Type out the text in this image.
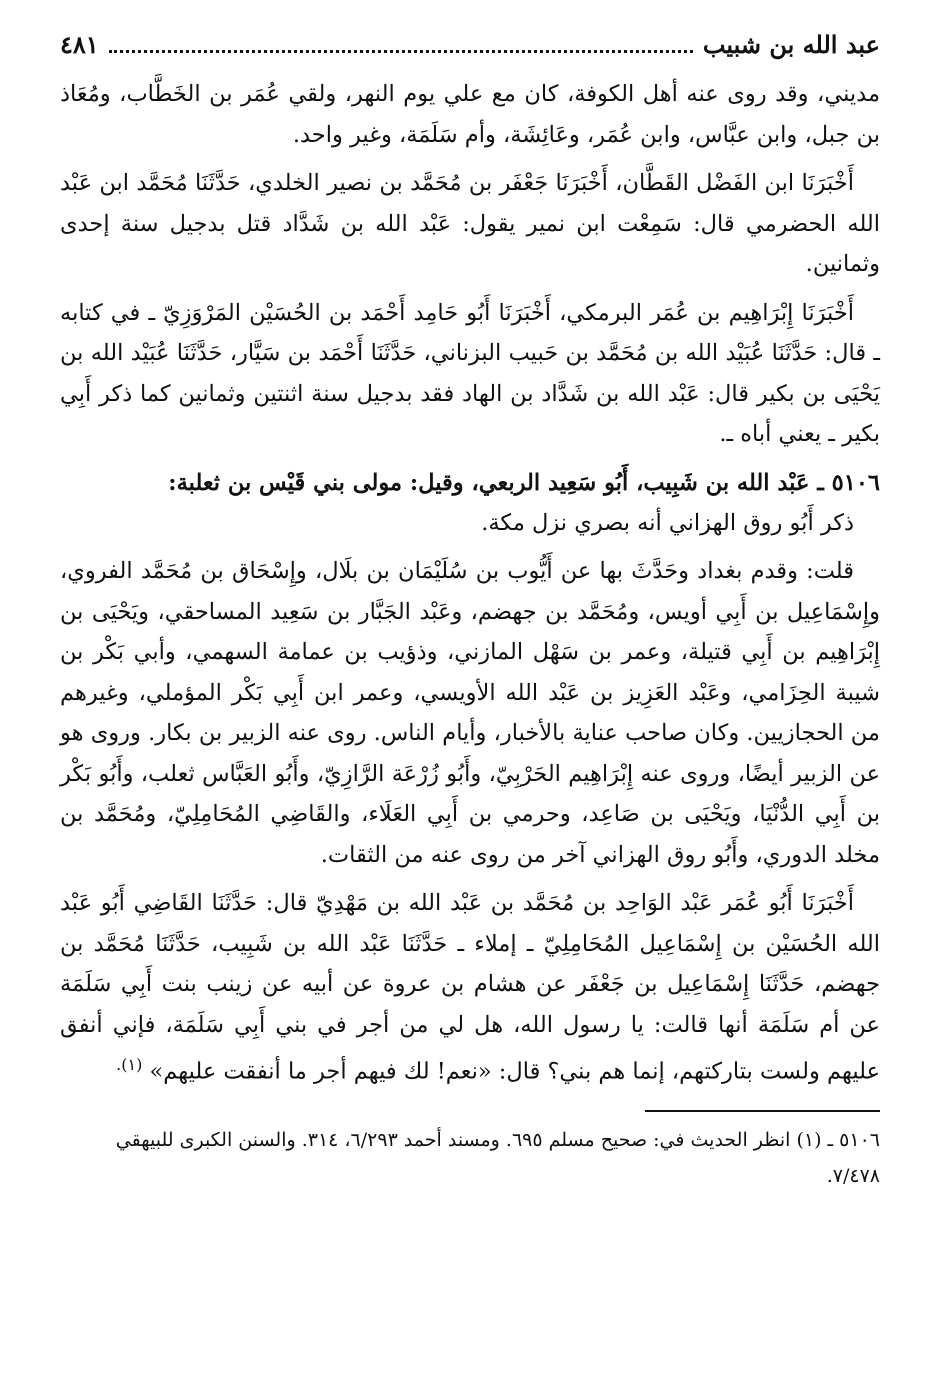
عبد الله بن شبيب
٤٨١

مديني، وقد روى عنه أهل الكوفة، كان مع علي يوم النهر، ولقي عُمَر بن الخَطَّاب، ومُعَاذ بن جبل، وابن عبَّاس، وابن عُمَر، وعَائِشَة، وأم سَلَمَة، وغير واحد.

أَخْبَرَنَا ابن الفَضْل القَطَّان، أَخْبَرَنَا جَعْفَر بن مُحَمَّد بن نصير الخلدي، حَدَّثَنَا مُحَمَّد ابن عَبْد الله الحضرمي قال: سَمِعْت ابن نمير يقول: عَبْد الله بن شَدَّاد قتل بدجيل سنة إحدى وثمانين.

أَخْبَرَنَا إِبْرَاهِيم بن عُمَر البرمكي، أَخْبَرَنَا أَبُو حَامِد أَحْمَد بن الحُسَيْن المَرْوَزِيّ ـ في كتابه ـ قال: حَدَّثَنَا عُبَيْد الله بن مُحَمَّد بن حَبيب البزناني، حَدَّثَنَا أَحْمَد بن سَيَّار، حَدَّثَنَا عُبَيْد الله بن يَحْيَى بن بكير قال: عَبْد الله بن شَدَّاد بن الهاد فقد بدجيل سنة اثنتين وثمانين كما ذكر أَبِي بكير ـ يعني أباه ـ.

٥١٠٦ ـ عَبْد الله بن شَبِيب، أَبُو سَعِيد الربعي، وقيل: مولى بني قَيْس بن ثعلبة:

ذكر أَبُو روق الهزاني أنه بصري نزل مكة.

قلت: وقدم بغداد وحَدَّثَ بها عن أَيُّوب بن سُلَيْمَان بن بلَال، وإِسْحَاق بن مُحَمَّد الفروي، وإِسْمَاعِيل بن أَبِي أويس، ومُحَمَّد بن جهضم، وعَبْد الجَبَّار بن سَعِيد المساحقي، ويَحْيَى بن إِبْرَاهِيم بن أَبِي قتيلة، وعمر بن سَهْل المازني، وذؤيب بن عمامة السهمي، وأبي بَكْر بن شيبة الحِزَامي، وعَبْد العَزِيز بن عَبْد الله الأويسي، وعمر ابن أَبِي بَكْر المؤملي، وغيرهم من الحجازيين. وكان صاحب عناية بالأخبار، وأيام الناس. روى عنه الزبير بن بكار. وروى هو عن الزبير أيضًا، وروى عنه إِبْرَاهِيم الحَرْبِيّ، وأَبُو زُرْعَة الرَّازِيّ، وأَبُو العَبَّاس ثعلب، وأَبُو بَكْر بن أَبِي الدُّنْيَا، ويَحْيَى بن صَاعِد، وحرمي بن أَبِي العَلَاء، والقَاضِي المُحَامِلِيّ، ومُحَمَّد بن مخلد الدوري، وأَبُو روق الهزاني آخر من روى عنه من الثقات.

أَخْبَرَنَا أَبُو عُمَر عَبْد الوَاحِد بن مُحَمَّد بن عَبْد الله بن مَهْدِيّ قال: حَدَّثَنَا القَاضِي أَبُو عَبْد الله الحُسَيْن بن إِسْمَاعِيل المُحَامِلِيّ ـ إملاء ـ حَدَّثَنَا عَبْد الله بن شَبِيب، حَدَّثَنَا مُحَمَّد بن جهضم، حَدَّثَنَا إِسْمَاعِيل بن جَعْفَر عن هشام بن عروة عن أبيه عن زينب بنت أَبِي سَلَمَة عن أم سَلَمَة أنها قالت: يا رسول الله، هل لي من أجر في بني أَبِي سَلَمَة، فإني أنفق عليهم ولست بتاركتهم، إنما هم بني؟ قال: «نعم! لك فيهم أجر ما أنفقت عليهم» $^{(١).}$

٥١٠٦ ـ (١) انظر الحديث في: صحيح مسلم ٦٩٥. ومسند أحمد ٦/٢٩٣، ٣١٤. والسنن الكبرى للبيهقي ٧/٤٧٨.
